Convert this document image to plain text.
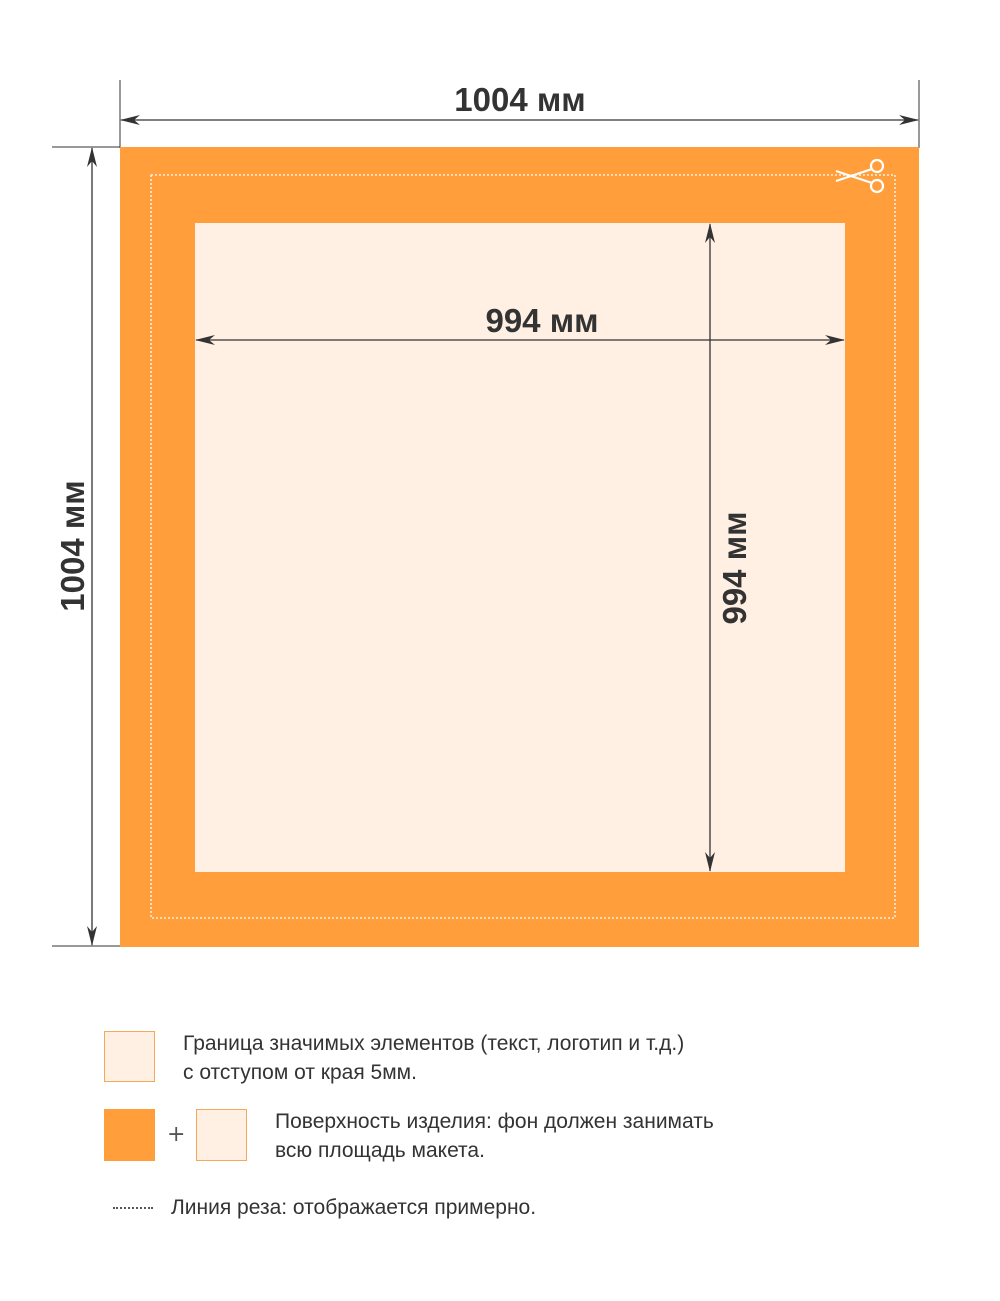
1004 мм
1004 мм
994 мм
994 мм
Граница значимых элементов (текст, логотип и т.д.)
с отступом от края 5мм.
+
Поверхность изделия: фон должен занимать
всю площадь макета.
Линия реза: отображается примерно.
